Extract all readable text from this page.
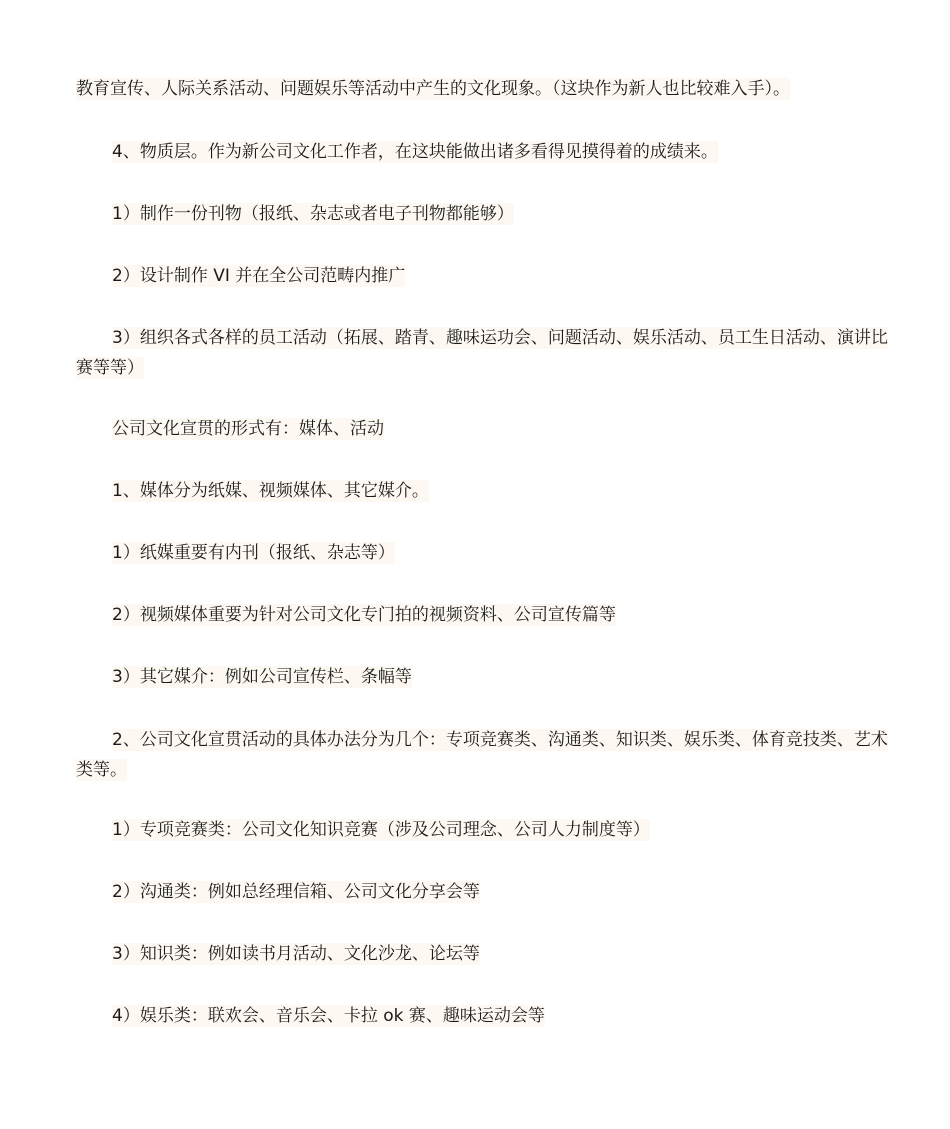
教育宣传、人际关系活动、问题娱乐等活动中产生的文化现象。（这块作为新人也比较难入手）。

4、物质层。作为新公司文化工作者，在这块能做出诸多看得见摸得着的成绩来。

1）制作一份刊物（报纸、杂志或者电子刊物都能够）

2）设计制作 VI 并在全公司范畴内推广

3）组织各式各样的员工活动（拓展、踏青、趣味运功会、问题活动、娱乐活动、员工生日活动、演讲比赛等等）

公司文化宣贯的形式有：媒体、活动

1、媒体分为纸媒、视频媒体、其它媒介。

1）纸媒重要有内刊（报纸、杂志等）

2）视频媒体重要为针对公司文化专门拍的视频资料、公司宣传篇等

3）其它媒介：例如公司宣传栏、条幅等

2、公司文化宣贯活动的具体办法分为几个：专项竞赛类、沟通类、知识类、娱乐类、体育竞技类、艺术类等。

1）专项竞赛类：公司文化知识竞赛（涉及公司理念、公司人力制度等）

2）沟通类：例如总经理信箱、公司文化分享会等

3）知识类：例如读书月活动、文化沙龙、论坛等

4）娱乐类：联欢会、音乐会、卡拉 ok 赛、趣味运动会等
